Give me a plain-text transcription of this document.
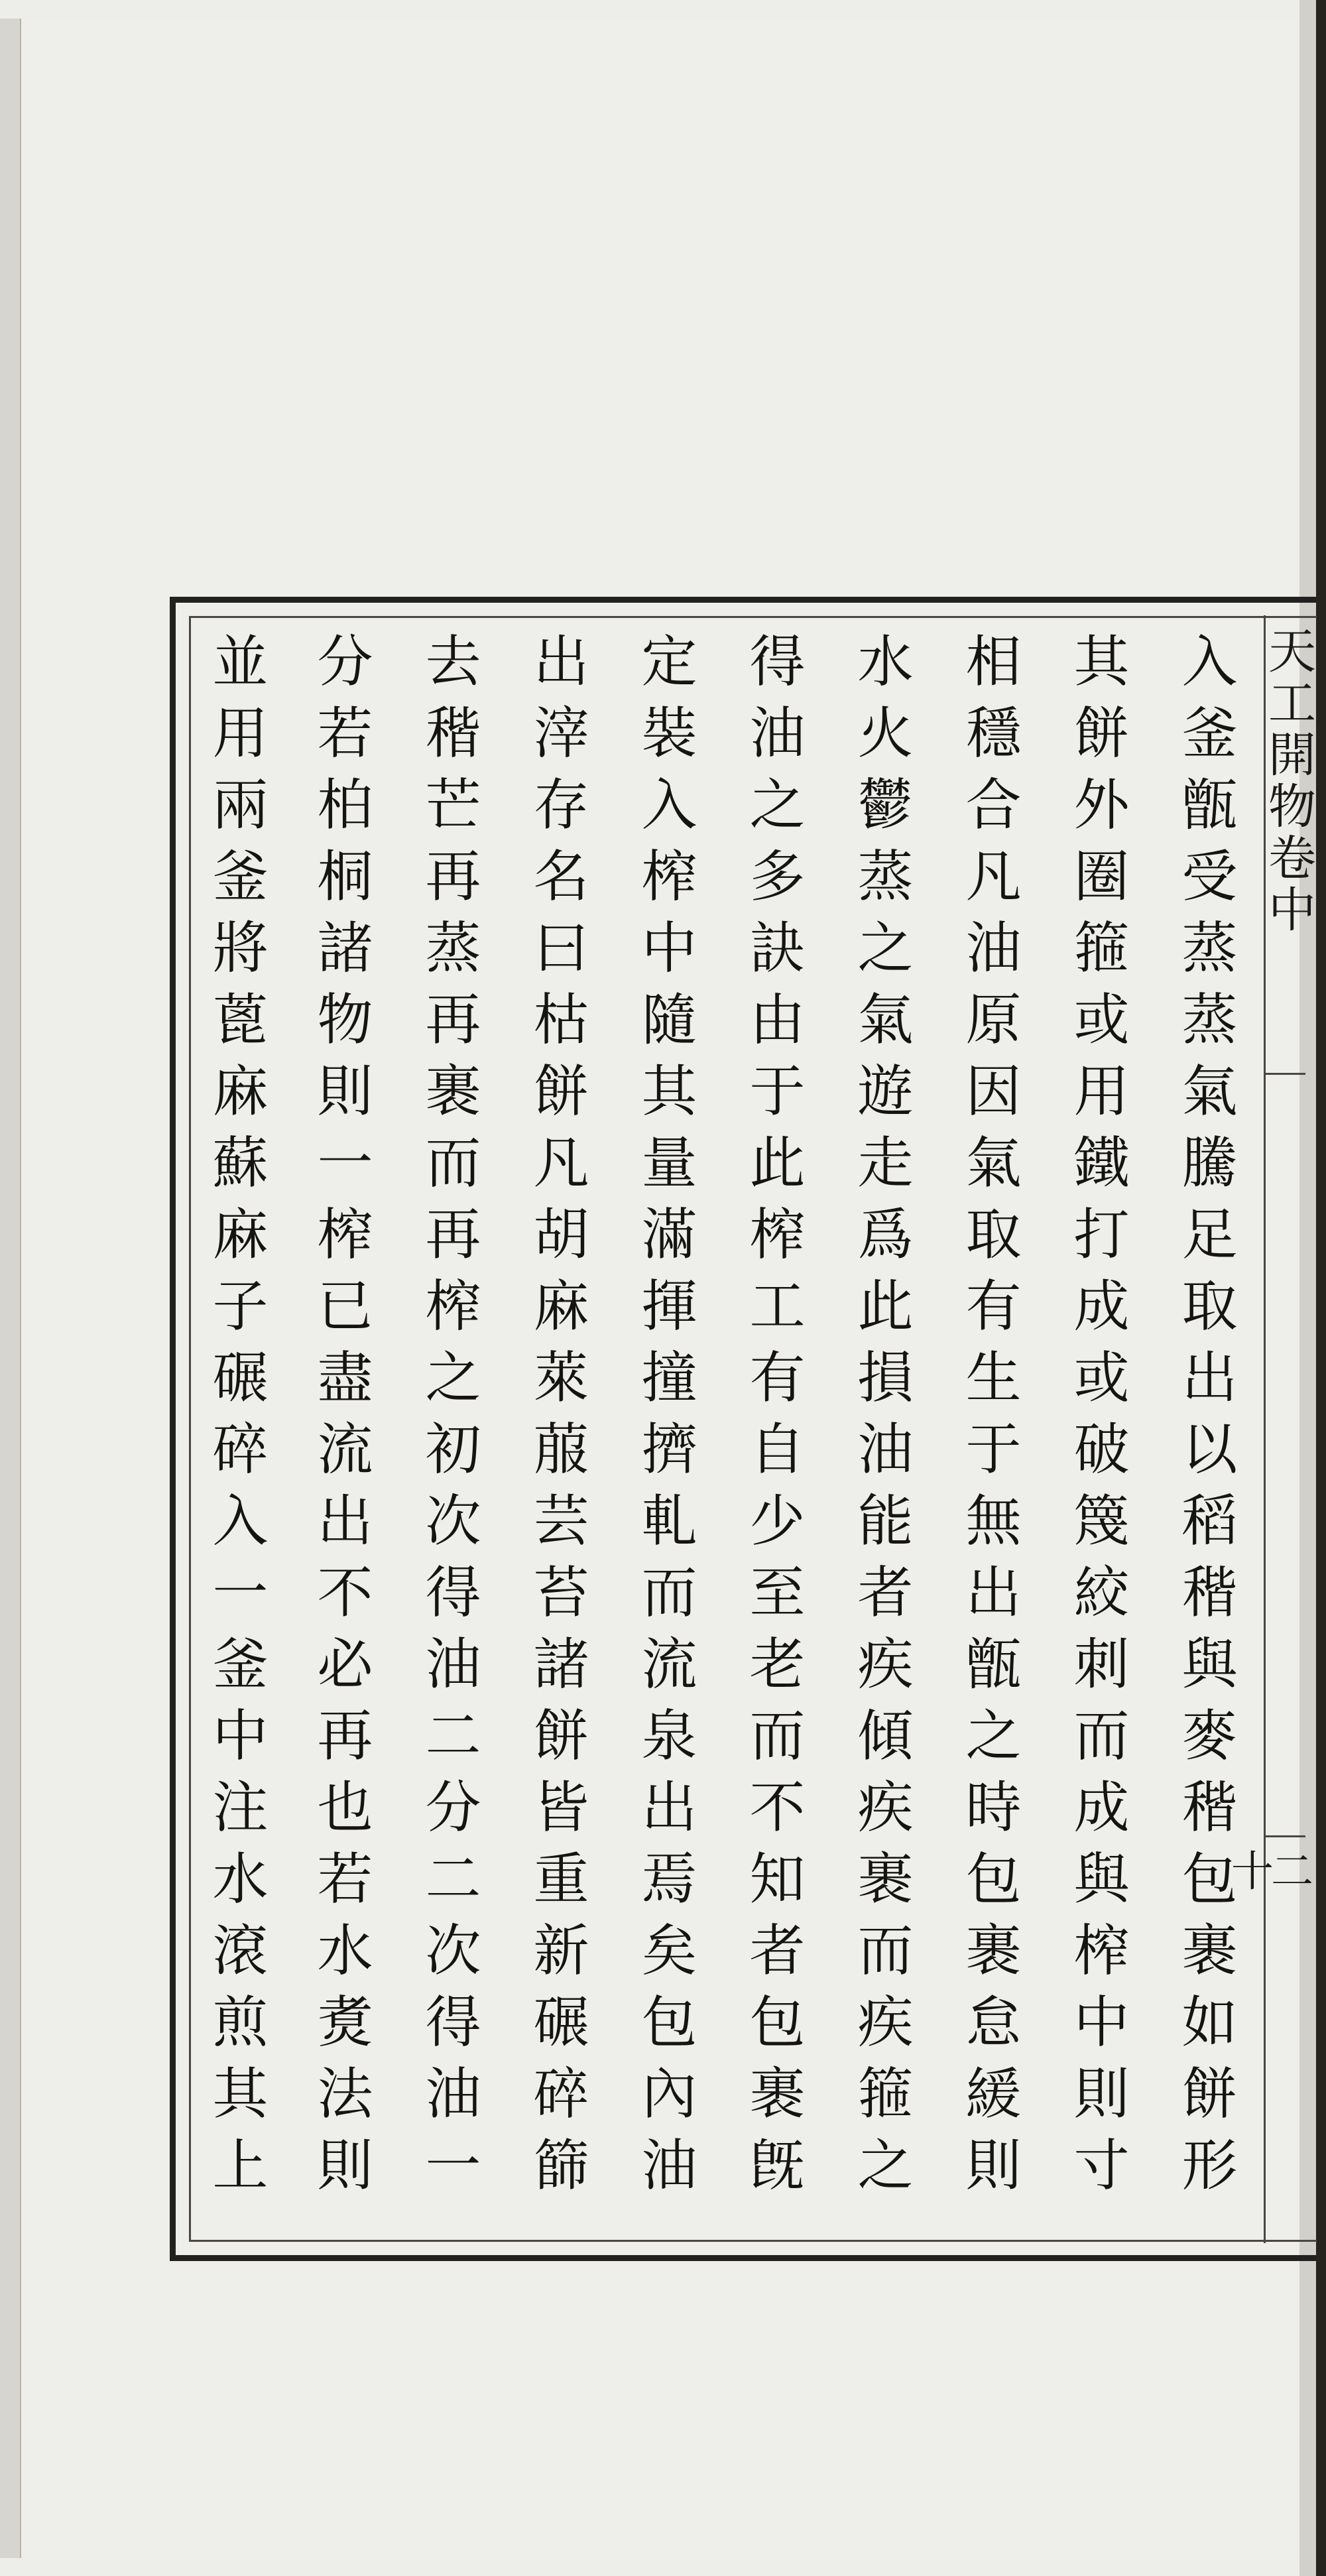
天工開物卷中
二十
入釜甑受蒸蒸氣騰足取出以稻稭與麥稭包裹如餅形
其餅外圈箍或用鐵打成或破篾絞刺而成與榨中則寸
相穩合凡油原因氣取有生于無出甑之時包裹怠緩則
水火鬱蒸之氣遊走爲此損油能者疾傾疾裹而疾箍之
得油之多訣由于此榨工有自少至老而不知者包裹旣
定裝入榨中隨其量滿揮撞擠軋而流泉出焉矣包內油
出滓存名曰枯餅凡胡麻萊菔芸苔諸餅皆重新碾碎篩
去稭芒再蒸再裹而再榨之初次得油二分二次得油一
分若柏桐諸物則一榨已盡流出不必再也若水煑法則
並用兩釜將蓖麻蘇麻子碾碎入一釜中注水滾煎其上
